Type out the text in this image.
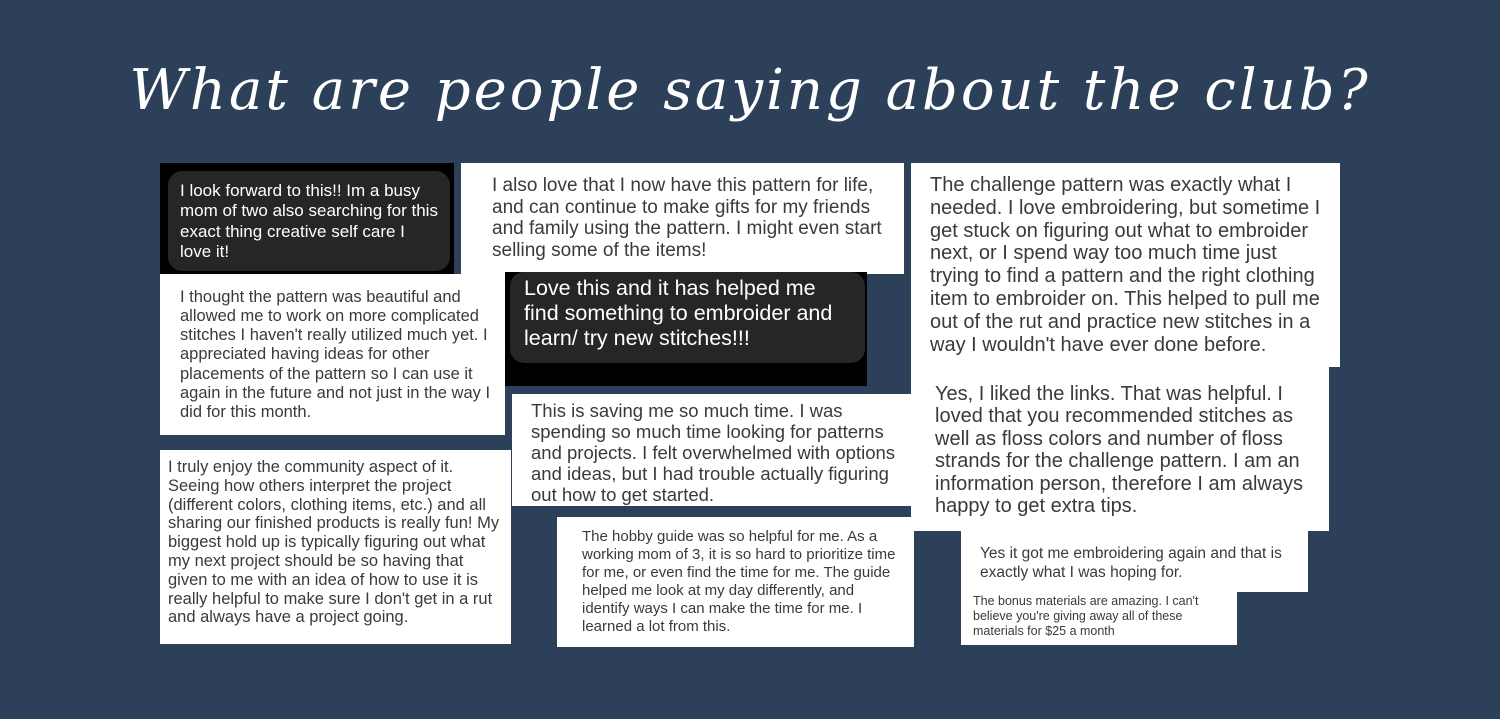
What are people saying about the club?

I look forward to this!! Im a busy mom of two also searching for this exact thing creative self care I love it!

I also love that I now have this pattern for life, and can continue to make gifts for my friends and family using the pattern. I might even start selling some of the items!

The challenge pattern was exactly what I needed. I love embroidering, but sometime I get stuck on figuring out what to embroider next, or I spend way too much time just trying to find a pattern and the right clothing item to embroider on. This helped to pull me out of the rut and practice new stitches in a way I wouldn't have ever done before.

I thought the pattern was beautiful and allowed me to work on more complicated stitches I haven't really utilized much yet. I appreciated having ideas for other placements of the pattern so I can use it again in the future and not just in the way I did for this month.

Love this and it has helped me find something to embroider and learn/ try new stitches!!!

This is saving me so much time. I was spending so much time looking for patterns and projects. I felt overwhelmed with options and ideas, but I had trouble actually figuring out how to get started.

Yes, I liked the links. That was helpful. I loved that you recommended stitches as well as floss colors and number of floss strands for the challenge pattern. I am an information person, therefore I am always happy to get extra tips.

I truly enjoy the community aspect of it. Seeing how others interpret the project (different colors, clothing items, etc.) and all sharing our finished products is really fun! My biggest hold up is typically figuring out what my next project should be so having that given to me with an idea of how to use it is really helpful to make sure I don't get in a rut and always have a project going.

The hobby guide was so helpful for me. As a working mom of 3, it is so hard to prioritize time for me, or even find the time for me. The guide helped me look at my day differently, and identify ways I can make the time for me. I learned a lot from this.

Yes it got me embroidering again and that is exactly what I was hoping for.

The bonus materials are amazing. I can't believe you're giving away all of these materials for $25 a month
